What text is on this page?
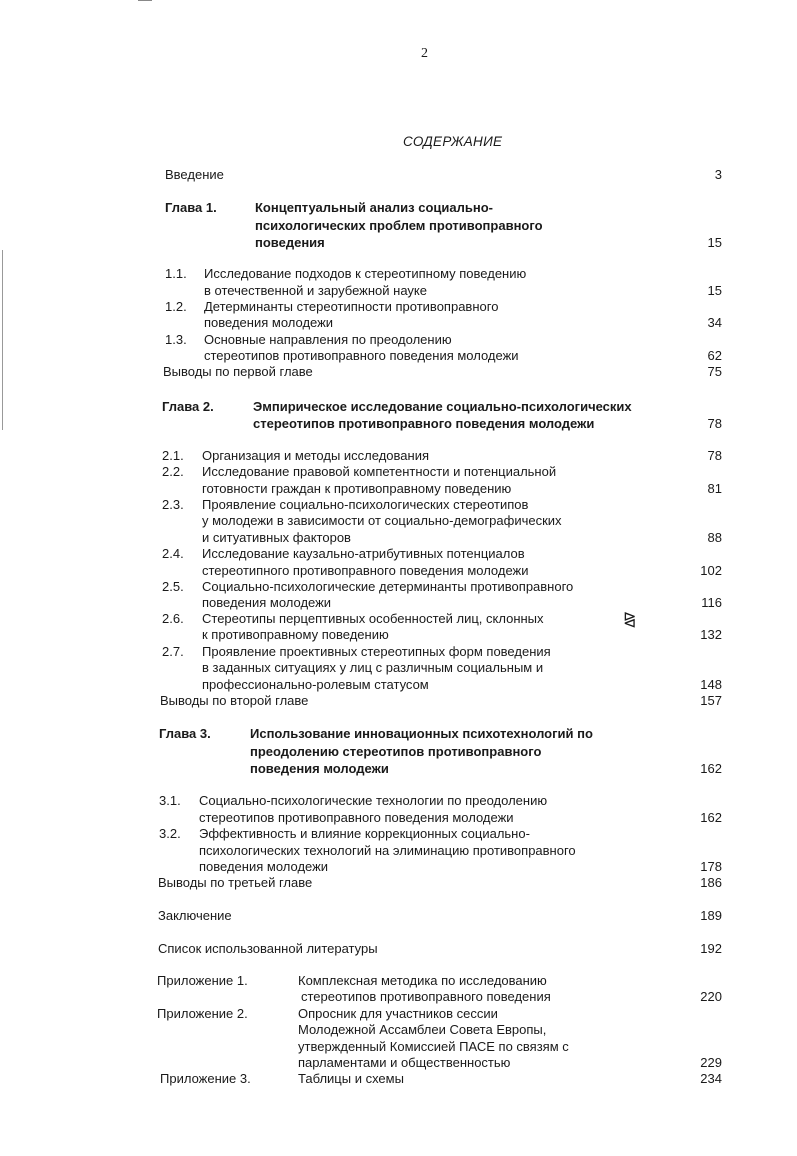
2
СОДЕРЖАНИЕ
Введение	3
Глава 1.	Концептуальный анализ социально-
психологических проблем противоправного
поведения	15
1.1. Исследование подходов к стереотипному поведению
в отечественной и зарубежной науке	15
1.2. Детерминанты стереотипности противоправного
поведения молодежи	34
1.3. Основные направления по преодолению
стереотипов противоправного поведения молодежи	62
Выводы по первой главе	75
Глава 2.	Эмпирическое исследование социально-психологических
стереотипов противоправного поведения молодежи	78
2.1. Организация и методы исследования	78
2.2. Исследование правовой компетентности и потенциальной
готовности граждан к противоправному поведению	81
2.3. Проявление социально-психологических стереотипов
у молодежи в зависимости от социально-демографических
и ситуативных факторов	88
2.4. Исследование каузально-атрибутивных потенциалов
стереотипного противоправного поведения молодежи	102
2.5. Социально-психологические детерминанты противоправного
поведения молодежи	116
2.6. Стереотипы перцептивных особенностей лиц, склонных
к противоправному поведению	132
⧎
2.7. Проявление проективных стереотипных форм поведения
в заданных ситуациях у лиц с различным социальным и
профессионально-ролевым статусом	148
Выводы по второй главе	157
Глава 3.	Использование инновационных психотехнологий по
преодолению стереотипов противоправного
поведения молодежи	162
3.1. Социально-психологические технологии по преодолению
стереотипов противоправного поведения молодежи	162
3.2. Эффективность и влияние коррекционных социально-
психологических технологий на элиминацию противоправного
поведения молодежи	178
Выводы по третьей главе	186
Заключение	189
Список использованной литературы	192
Приложение 1.	Комплексная методика по исследованию
стереотипов противоправного поведения	220
Приложение 2.	Опросник для участников сессии
Молодежной Ассамблеи Совета Европы,
утвержденный Комиссией ПАСЕ по связям с
парламентами и общественностью	229
Приложение 3.	Таблицы и схемы	234
